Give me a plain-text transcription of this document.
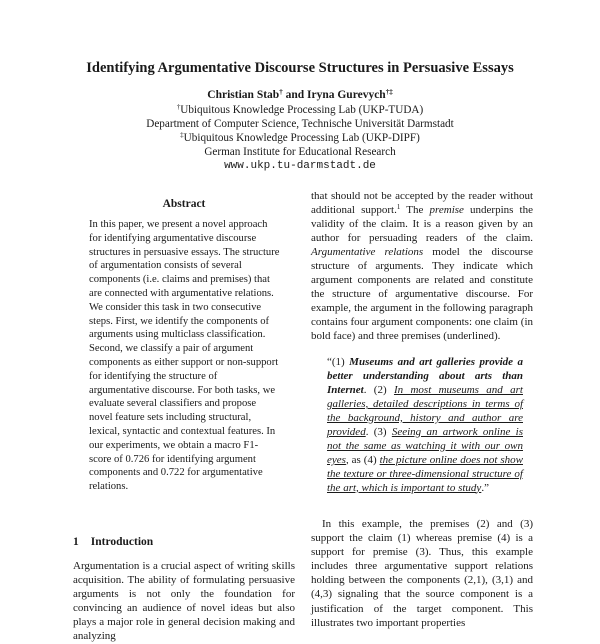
Identifying Argumentative Discourse Structures in Persuasive Essays
Christian Stab† and Iryna Gurevych†‡
†Ubiquitous Knowledge Processing Lab (UKP-TUDA)
Department of Computer Science, Technische Universität Darmstadt
‡Ubiquitous Knowledge Processing Lab (UKP-DIPF)
German Institute for Educational Research
www.ukp.tu-darmstadt.de
Abstract

In this paper, we present a novel approach for identifying argumentative discourse structures in persuasive essays. The structure of argumentation consists of several components (i.e. claims and premises) that are connected with argumentative relations. We consider this task in two consecutive steps. First, we identify the components of arguments using multiclass classification. Second, we classify a pair of argument components as either support or non-support for identifying the structure of argumentative discourse. For both tasks, we evaluate several classifiers and propose novel feature sets including structural, lexical, syntactic and contextual features. In our experiments, we obtain a macro F1-score of 0.726 for identifying argument components and 0.722 for argumentative relations.

1 Introduction

Argumentation is a crucial aspect of writing skills acquisition. The ability of formulating persuasive arguments is not only the foundation for convincing an audience of novel ideas but also plays a major role in general decision making and analyzing

that should not be accepted by the reader without additional support.$^1$ The premise underpins the validity of the claim. It is a reason given by an author for persuading readers of the claim. Argumentative relations model the discourse structure of arguments. They indicate which argument components are related and constitute the structure of argumentative discourse. For example, the argument in the following paragraph contains four argument components: one claim (in bold face) and three premises (underlined).

“(1) Museums and art galleries provide a better understanding about arts than Internet. (2) In most museums and art galleries, detailed descriptions in terms of the background, history and author are provided. (3) Seeing an artwork online is not the same as watching it with our own eyes, as (4) the picture online does not show the texture or three-dimensional structure of the art, which is important to study.”

In this example, the premises (2) and (3) support the claim (1) whereas premise (4) is a support for premise (3). Thus, this example includes three argumentative support relations holding between the components (2,1), (3,1) and (4,3) signaling that the source component is a justification of the target component. This illustrates two important properties
